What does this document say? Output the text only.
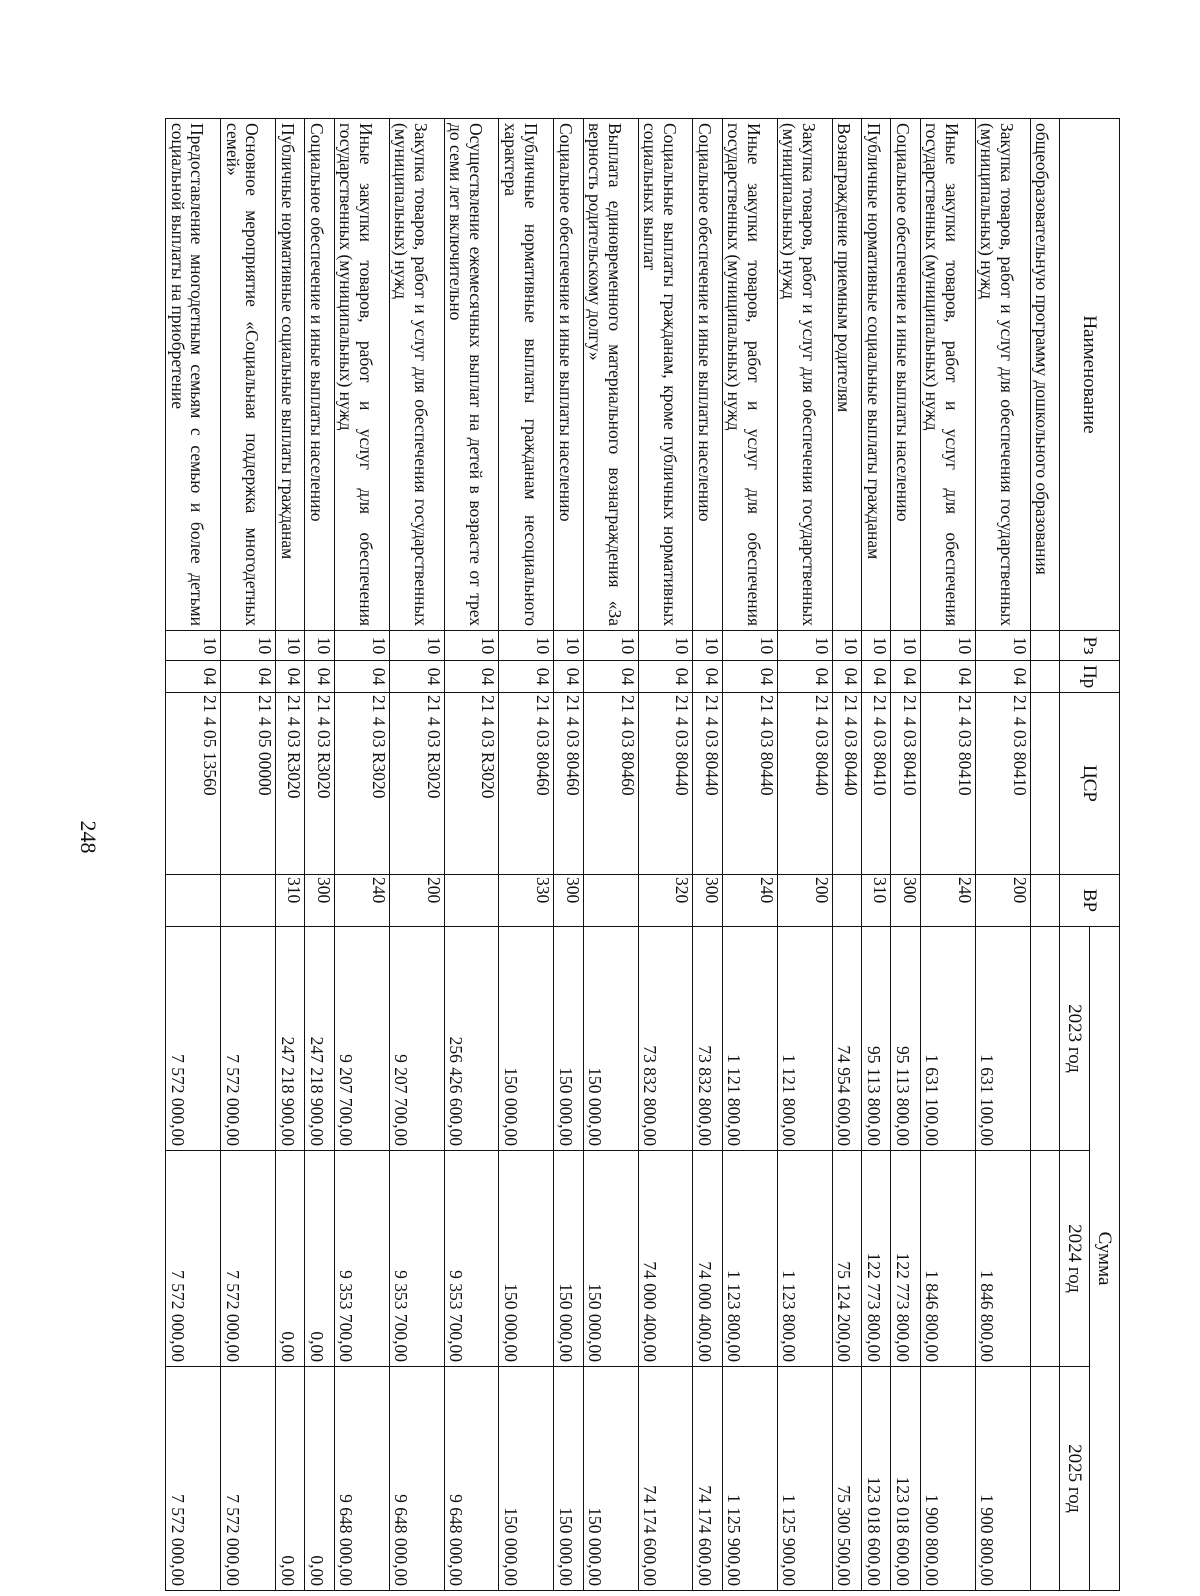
248
Наименование	Рз	Пр	ЦСР	ВР	Сумма		
					2023 год	2024 год	2025 год
общеобразовательную программу дошкольного образования							
Закупка товаров, работ и услуг для обеспечения государственных (муниципальных) нужд	10	04	21 4 03 80410	200	1 631 100,00	1 846 800,00	1 900 800,00
Иные закупки товаров, работ и услуг для обеспечения государственных (муниципальных) нужд	10	04	21 4 03 80410	240	1 631 100,00	1 846 800,00	1 900 800,00
Социальное обеспечение и иные выплаты населению	10	04	21 4 03 80410	300	95 113 800,00	122 773 800,00	123 018 600,00
Публичные нормативные социальные выплаты гражданам	10	04	21 4 03 80410	310	95 113 800,00	122 773 800,00	123 018 600,00
Вознаграждение приемным родителям	10	04	21 4 03 80440		74 954 600,00	75 124 200,00	75 300 500,00
Закупка товаров, работ и услуг для обеспечения государственных (муниципальных) нужд	10	04	21 4 03 80440	200	1 121 800,00	1 123 800,00	1 125 900,00
Иные закупки товаров, работ и услуг для обеспечения государственных (муниципальных) нужд	10	04	21 4 03 80440	240	1 121 800,00	1 123 800,00	1 125 900,00
Социальное обеспечение и иные выплаты населению	10	04	21 4 03 80440	300	73 832 800,00	74 000 400,00	74 174 600,00
Социальные выплаты гражданам, кроме публичных нормативных социальных выплат	10	04	21 4 03 80440	320	73 832 800,00	74 000 400,00	74 174 600,00
Выплата единовременного материального вознаграждения «За верность родительскому долгу»	10	04	21 4 03 80460		150 000,00	150 000,00	150 000,00
Социальное обеспечение и иные выплаты населению	10	04	21 4 03 80460	300	150 000,00	150 000,00	150 000,00
Публичные нормативные выплаты гражданам несоциального характера	10	04	21 4 03 80460	330	150 000,00	150 000,00	150 000,00
Осуществление ежемесячных выплат на детей в возрасте от трех до семи лет включительно	10	04	21 4 03 R3020		256 426 600,00	9 353 700,00	9 648 000,00
Закупка товаров, работ и услуг для обеспечения государственных (муниципальных) нужд	10	04	21 4 03 R3020	200	9 207 700,00	9 353 700,00	9 648 000,00
Иные закупки товаров, работ и услуг для обеспечения государственных (муниципальных) нужд	10	04	21 4 03 R3020	240	9 207 700,00	9 353 700,00	9 648 000,00
Социальное обеспечение и иные выплаты населению	10	04	21 4 03 R3020	300	247 218 900,00	0,00	0,00
Публичные нормативные социальные выплаты гражданам	10	04	21 4 03 R3020	310	247 218 900,00	0,00	0,00
Основное мероприятие «Социальная поддержка многодетных семей»	10	04	21 4 05 00000		7 572 000,00	7 572 000,00	7 572 000,00
Предоставление многодетным семьям с семью и более детьми социальной выплаты на приобретение	10	04	21 4 05 13560		7 572 000,00	7 572 000,00	7 572 000,00
